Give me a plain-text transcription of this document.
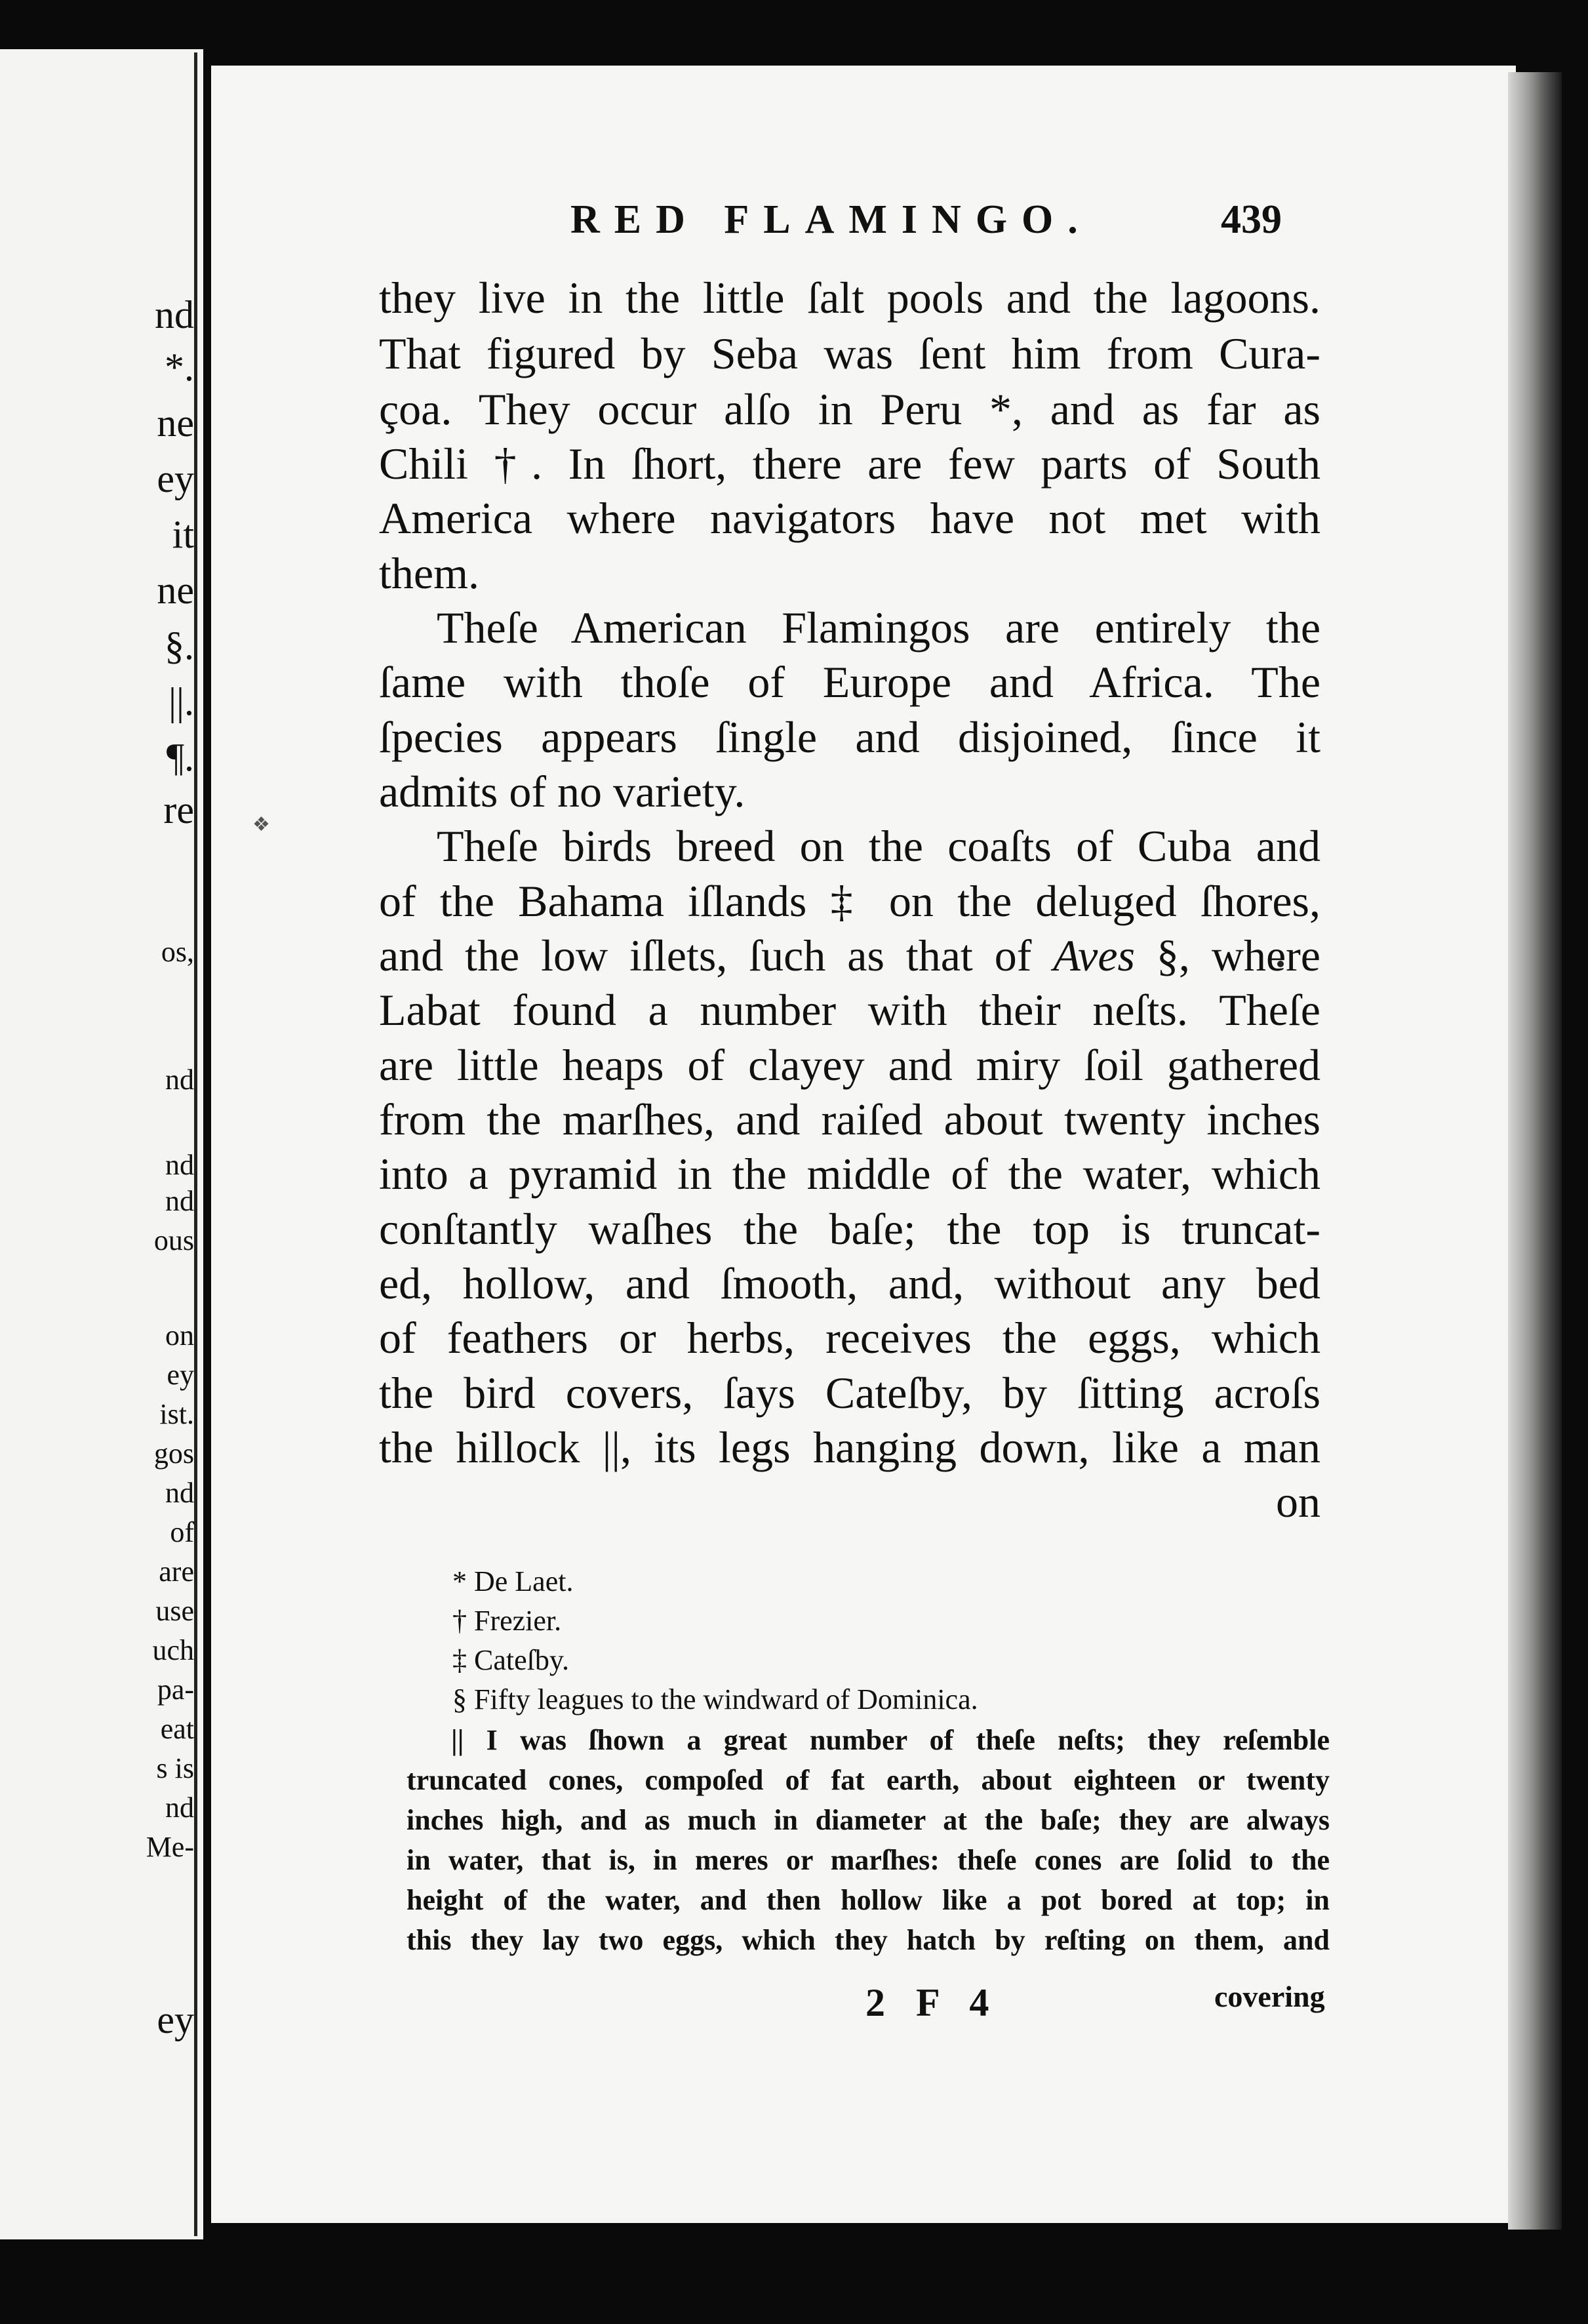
nd
*.
ne
ey
it
ne
§.
||.
¶.
re
os,
nd
nd
nd
ous
on
ey
ist.
gos
nd
of
are
use
uch
pa-
eat
s is
nd
Me-
ey
❖
RED FLAMINGO.	439
they live in the little ſalt pools and the lagoons.
That figured by Seba was ſent him from Cura-
çoa. They occur alſo in Peru *, and as far as
Chili †. In ſhort, there are few parts of South
America where navigators have not met with
them.
Theſe American Flamingos are entirely the
ſame with thoſe of Europe and Africa. The
ſpecies appears ſingle and disjoined, ſince it
admits of no variety.
Theſe birds breed on the coaſts of Cuba and
of the Bahama iſlands ‡ on the deluged ſhores,
and the low iſlets, ſuch as that of Aves §, where
Labat found a number with their neſts. Theſe
are little heaps of clayey and miry ſoil gathered
from the marſhes, and raiſed about twenty inches
into a pyramid in the middle of the water, which
conſtantly waſhes the baſe; the top is truncat-
ed, hollow, and ſmooth, and, without any bed
of feathers or herbs, receives the eggs, which
the bird covers, ſays Cateſby, by ſitting acroſs
the hillock ||, its legs hanging down, like a man
on
* De Laet.
† Frezier.
‡ Cateſby.
§ Fifty leagues to the windward of Dominica.
|| I was ſhown a great number of theſe neſts; they reſemble
truncated cones, compoſed of fat earth, about eighteen or twenty
inches high, and as much in diameter at the baſe; they are always
in water, that is, in meres or marſhes: theſe cones are ſolid to the
height of the water, and then hollow like a pot bored at top; in
this they lay two eggs, which they hatch by reſting on them, and
2 F 4	covering
